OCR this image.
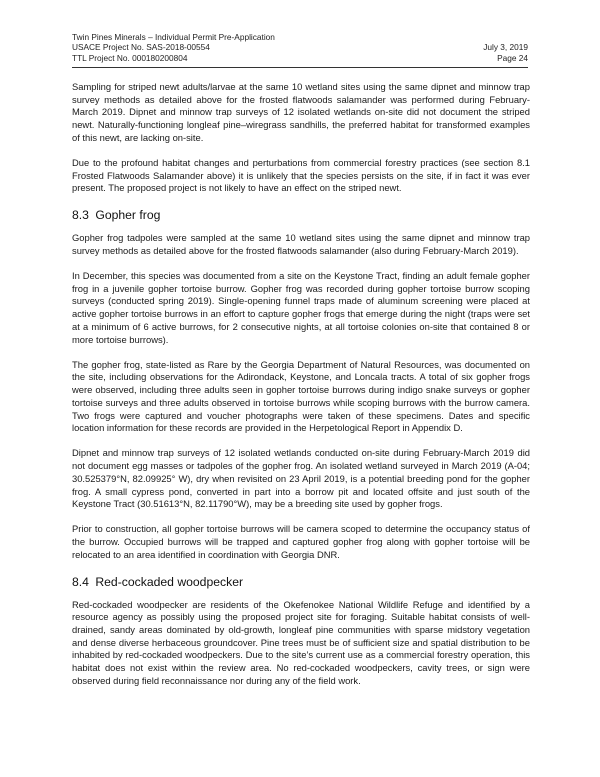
Twin Pines Minerals – Individual Permit Pre-Application
USACE Project No. SAS-2018-00554	July 3, 2019
TTL Project No. 000180200804	Page 24

Sampling for striped newt adults/larvae at the same 10 wetland sites using the same dipnet and minnow trap survey methods as detailed above for the frosted flatwoods salamander was performed during February-March 2019. Dipnet and minnow trap surveys of 12 isolated wetlands on-site did not document the striped newt. Naturally-functioning longleaf pine–wiregrass sandhills, the preferred habitat for transformed examples of this newt, are lacking on-site.

Due to the profound habitat changes and perturbations from commercial forestry practices (see section 8.1 Frosted Flatwoods Salamander above) it is unlikely that the species persists on the site, if in fact it was ever present. The proposed project is not likely to have an effect on the striped newt.

8.3 Gopher frog

Gopher frog tadpoles were sampled at the same 10 wetland sites using the same dipnet and minnow trap survey methods as detailed above for the frosted flatwoods salamander (also during February-March 2019).

In December, this species was documented from a site on the Keystone Tract, finding an adult female gopher frog in a juvenile gopher tortoise burrow. Gopher frog was recorded during gopher tortoise burrow scoping surveys (conducted spring 2019). Single-opening funnel traps made of aluminum screening were placed at active gopher tortoise burrows in an effort to capture gopher frogs that emerge during the night (traps were set at a minimum of 6 active burrows, for 2 consecutive nights, at all tortoise colonies on-site that contained 8 or more tortoise burrows).

The gopher frog, state-listed as Rare by the Georgia Department of Natural Resources, was documented on the site, including observations for the Adirondack, Keystone, and Loncala tracts. A total of six gopher frogs were observed, including three adults seen in gopher tortoise burrows during indigo snake surveys or gopher tortoise surveys and three adults observed in tortoise burrows while scoping burrows with the burrow camera. Two frogs were captured and voucher photographs were taken of these specimens. Dates and specific location information for these records are provided in the Herpetological Report in Appendix D.

Dipnet and minnow trap surveys of 12 isolated wetlands conducted on-site during February-March 2019 did not document egg masses or tadpoles of the gopher frog. An isolated wetland surveyed in March 2019 (A-04; 30.525379°N, 82.09925° W), dry when revisited on 23 April 2019, is a potential breeding pond for the gopher frog. A small cypress pond, converted in part into a borrow pit and located offsite and just south of the Keystone Tract (30.51613°N, 82.11790°W), may be a breeding site used by gopher frogs.

Prior to construction, all gopher tortoise burrows will be camera scoped to determine the occupancy status of the burrow. Occupied burrows will be trapped and captured gopher frog along with gopher tortoise will be relocated to an area identified in coordination with Georgia DNR.

8.4 Red-cockaded woodpecker

Red-cockaded woodpecker are residents of the Okefenokee National Wildlife Refuge and identified by a resource agency as possibly using the proposed project site for foraging. Suitable habitat consists of well-drained, sandy areas dominated by old-growth, longleaf pine communities with sparse midstory vegetation and dense diverse herbaceous groundcover. Pine trees must be of sufficient size and spatial distribution to be inhabited by red-cockaded woodpeckers. Due to the site’s current use as a commercial forestry operation, this habitat does not exist within the review area. No red-cockaded woodpeckers, cavity trees, or sign were observed during field reconnaissance nor during any of the field work.
